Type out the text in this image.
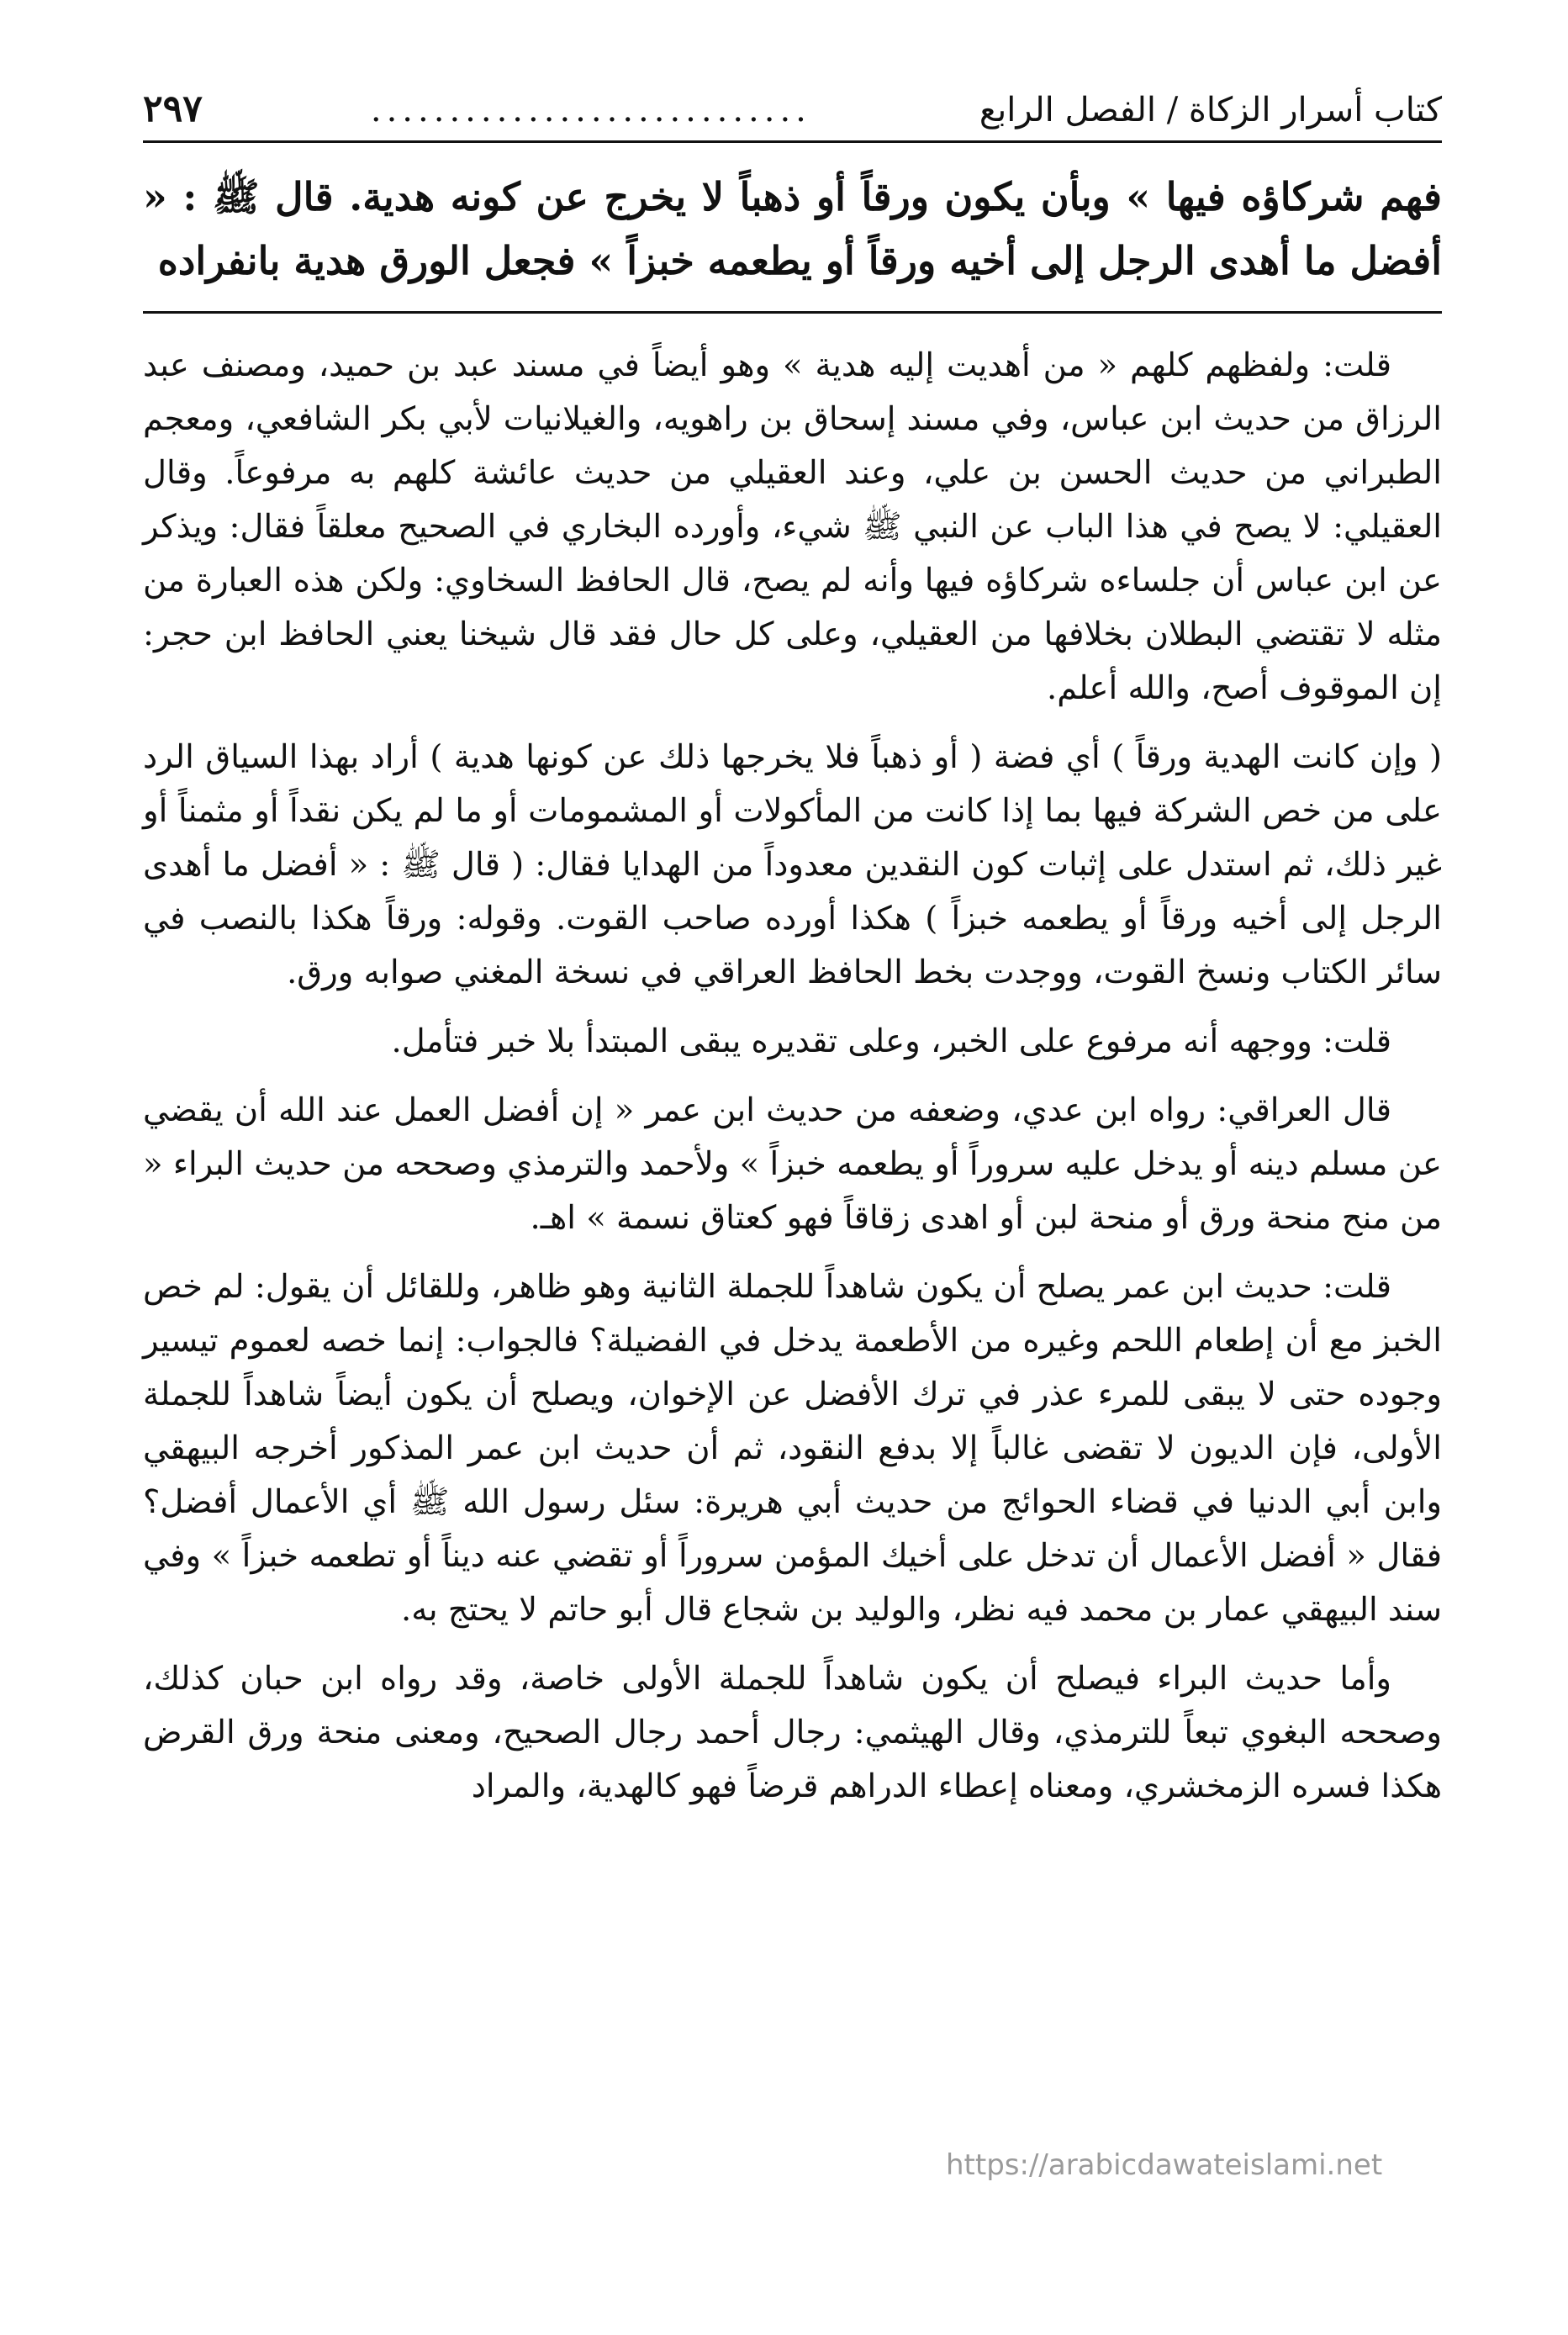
كتاب أسرار الزكاة / الفصل الرابع
............................
٢٩٧
فهم شركاؤه فيها » وبأن يكون ورقاً أو ذهباً لا يخرج عن كونه هدية. قال ﷺ : « أفضل ما أهدى الرجل إلى أخيه ورقاً أو يطعمه خبزاً » فجعل الورق هدية بانفراده

قلت: ولفظهم كلهم « من أهديت إليه هدية » وهو أيضاً في مسند عبد بن حميد، ومصنف عبد الرزاق من حديث ابن عباس، وفي مسند إسحاق بن راهويه، والغيلانيات لأبي بكر الشافعي، ومعجم الطبراني من حديث الحسن بن علي، وعند العقيلي من حديث عائشة كلهم به مرفوعاً. وقال العقيلي: لا يصح في هذا الباب عن النبي ﷺ شيء، وأورده البخاري في الصحيح معلقاً فقال: ويذكر عن ابن عباس أن جلساءه شركاؤه فيها وأنه لم يصح، قال الحافظ السخاوي: ولكن هذه العبارة من مثله لا تقتضي البطلان بخلافها من العقيلي، وعلى كل حال فقد قال شيخنا يعني الحافظ ابن حجر: إن الموقوف أصح، والله أعلم.

( وإن كانت الهدية ورقاً ) أي فضة ( أو ذهباً فلا يخرجها ذلك عن كونها هدية ) أراد بهذا السياق الرد على من خص الشركة فيها بما إذا كانت من المأكولات أو المشمومات أو ما لم يكن نقداً أو مثمناً أو غير ذلك، ثم استدل على إثبات كون النقدين معدوداً من الهدايا فقال: ( قال ﷺ : « أفضل ما أهدى الرجل إلى أخيه ورقاً أو يطعمه خبزاً ) هكذا أورده صاحب القوت. وقوله: ورقاً هكذا بالنصب في سائر الكتاب ونسخ القوت، ووجدت بخط الحافظ العراقي في نسخة المغني صوابه ورق.

قلت: ووجهه أنه مرفوع على الخبر، وعلى تقديره يبقى المبتدأ بلا خبر فتأمل.

قال العراقي: رواه ابن عدي، وضعفه من حديث ابن عمر « إن أفضل العمل عند الله أن يقضي عن مسلم دينه أو يدخل عليه سروراً أو يطعمه خبزاً » ولأحمد والترمذي وصححه من حديث البراء « من منح منحة ورق أو منحة لبن أو اهدى زقاقاً فهو كعتاق نسمة » اهـ.

قلت: حديث ابن عمر يصلح أن يكون شاهداً للجملة الثانية وهو ظاهر، وللقائل أن يقول: لم خص الخبز مع أن إطعام اللحم وغيره من الأطعمة يدخل في الفضيلة؟ فالجواب: إنما خصه لعموم تيسير وجوده حتى لا يبقى للمرء عذر في ترك الأفضل عن الإخوان، ويصلح أن يكون أيضاً شاهداً للجملة الأولى، فإن الديون لا تقضى غالباً إلا بدفع النقود، ثم أن حديث ابن عمر المذكور أخرجه البيهقي وابن أبي الدنيا في قضاء الحوائج من حديث أبي هريرة: سئل رسول الله ﷺ أي الأعمال أفضل؟ فقال « أفضل الأعمال أن تدخل على أخيك المؤمن سروراً أو تقضي عنه ديناً أو تطعمه خبزاً » وفي سند البيهقي عمار بن محمد فيه نظر، والوليد بن شجاع قال أبو حاتم لا يحتج به.

وأما حديث البراء فيصلح أن يكون شاهداً للجملة الأولى خاصة، وقد رواه ابن حبان كذلك، وصححه البغوي تبعاً للترمذي، وقال الهيثمي: رجال أحمد رجال الصحيح، ومعنى منحة ورق القرض هكذا فسره الزمخشري، ومعناه إعطاء الدراهم قرضاً فهو كالهدية، والمراد

https://arabicdawateislami.net
